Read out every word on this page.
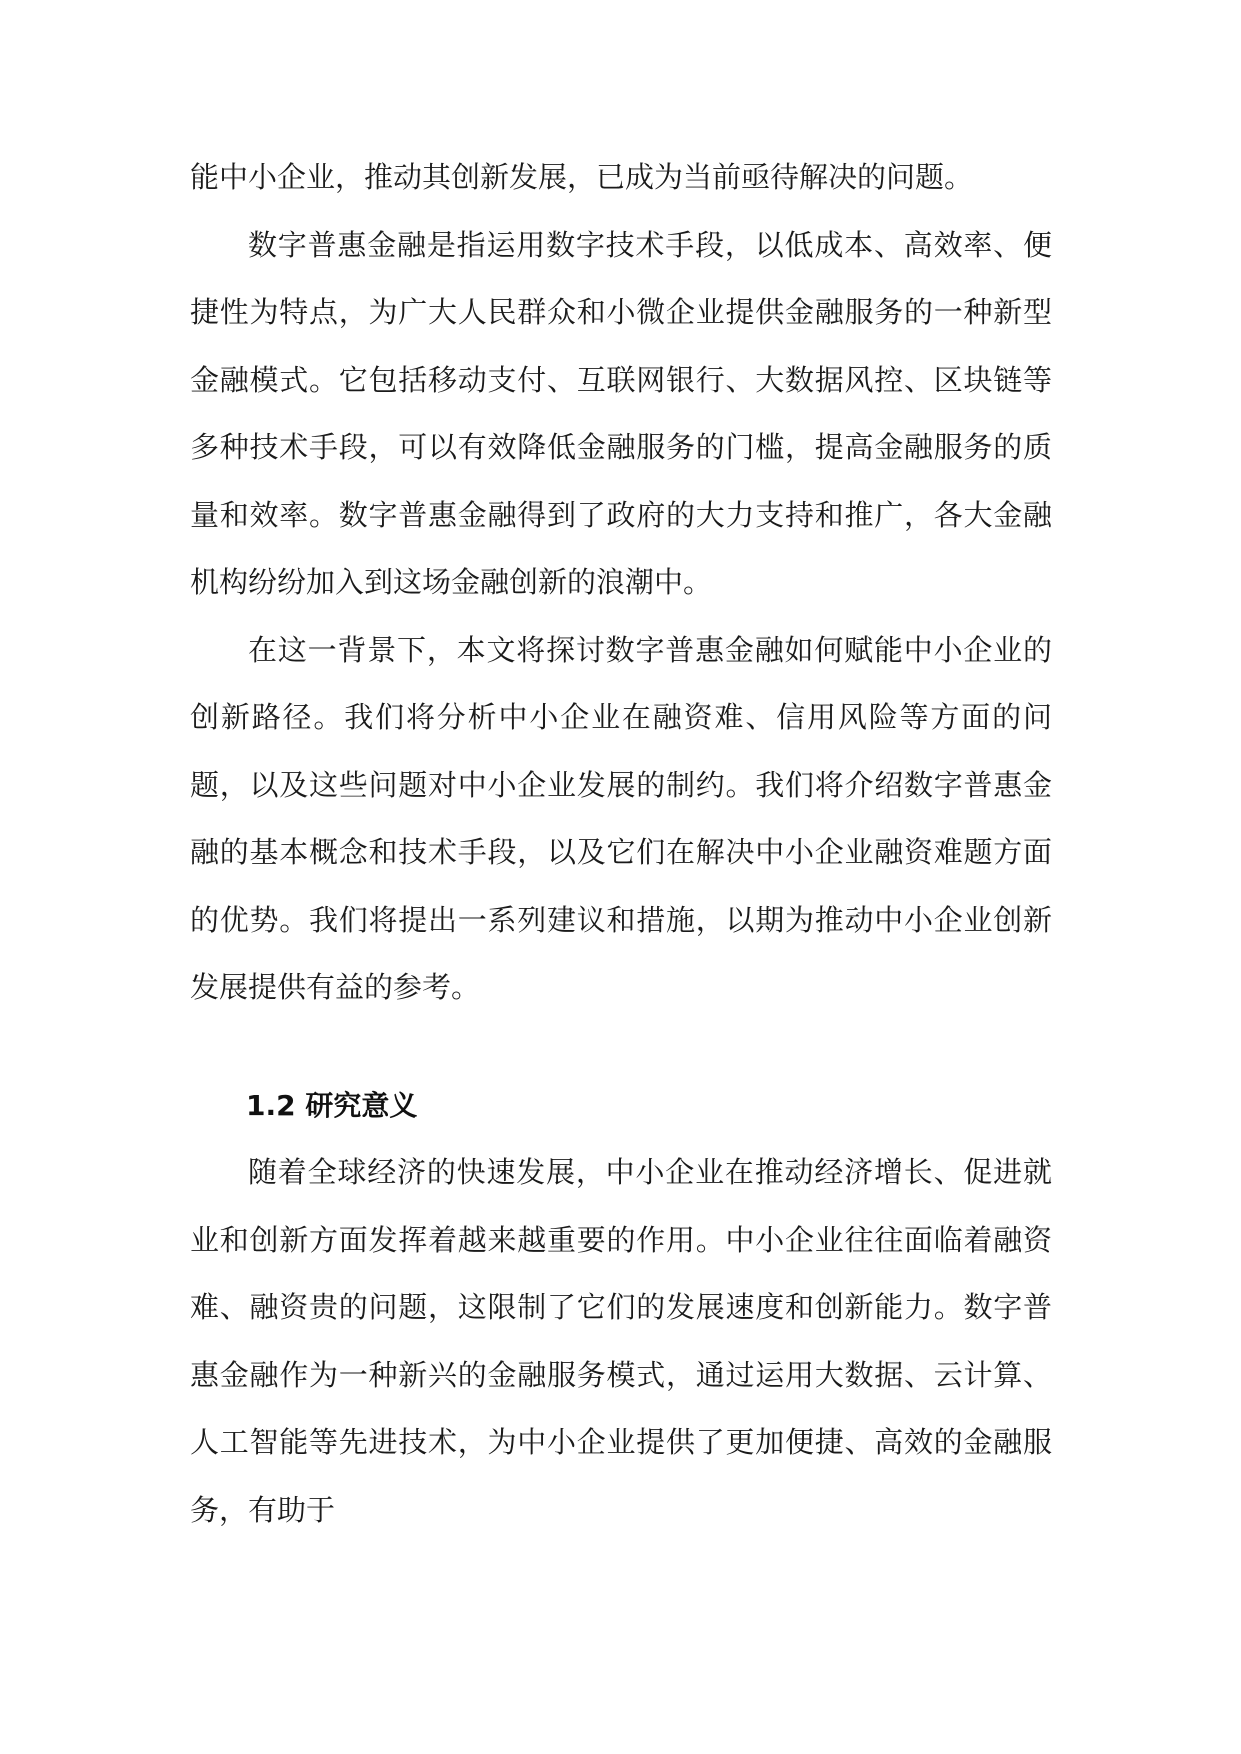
能中小企业，推动其创新发展，已成为当前亟待解决的问题。

数字普惠金融是指运用数字技术手段，以低成本、高效率、便捷性为特点，为广大人民群众和小微企业提供金融服务的一种新型金融模式。它包括移动支付、互联网银行、大数据风控、区块链等多种技术手段，可以有效降低金融服务的门槛，提高金融服务的质量和效率。数字普惠金融得到了政府的大力支持和推广，各大金融机构纷纷加入到这场金融创新的浪潮中。

在这一背景下，本文将探讨数字普惠金融如何赋能中小企业的创新路径。我们将分析中小企业在融资难、信用风险等方面的问题，以及这些问题对中小企业发展的制约。我们将介绍数字普惠金融的基本概念和技术手段，以及它们在解决中小企业融资难题方面的优势。我们将提出一系列建议和措施，以期为推动中小企业创新发展提供有益的参考。

1.2 研究意义

随着全球经济的快速发展，中小企业在推动经济增长、促进就业和创新方面发挥着越来越重要的作用。中小企业往往面临着融资难、融资贵的问题，这限制了它们的发展速度和创新能力。数字普惠金融作为一种新兴的金融服务模式，通过运用大数据、云计算、人工智能等先进技术，为中小企业提供了更加便捷、高效的金融服务，有助于
